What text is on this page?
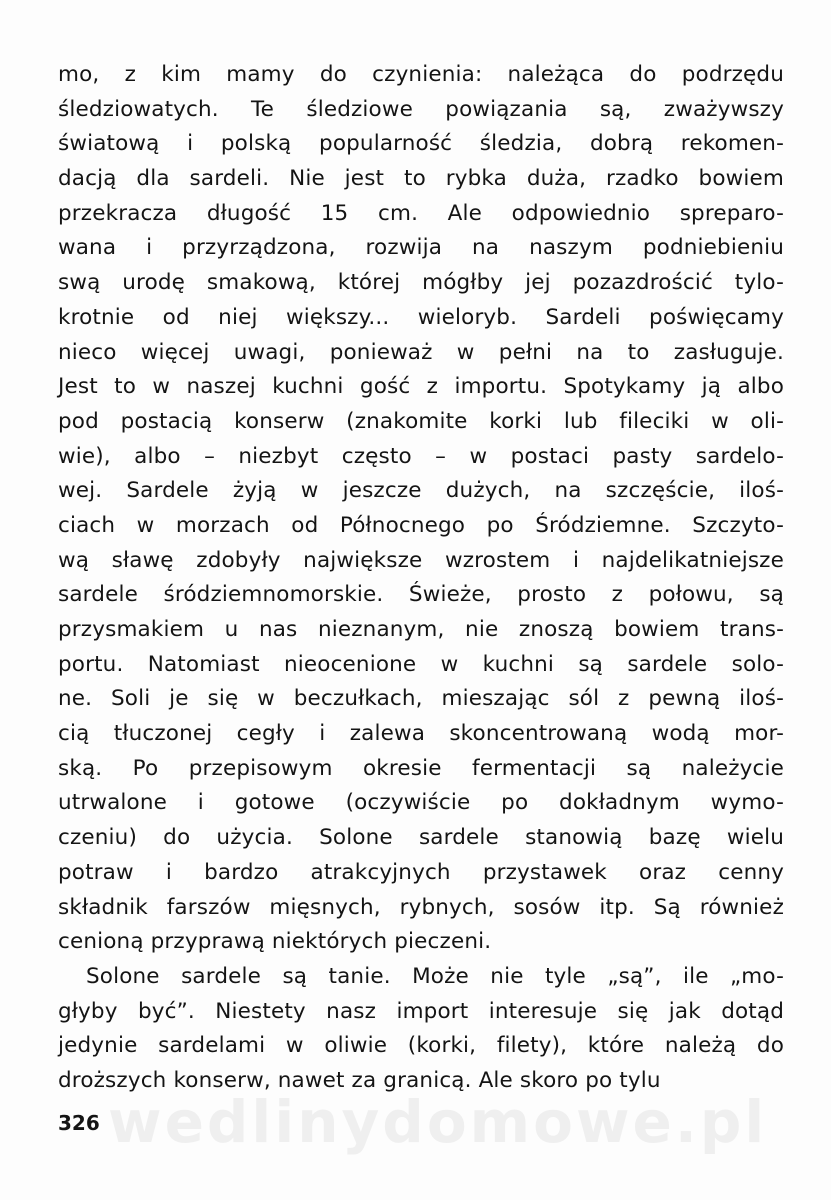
mo, z kim mamy do czynienia: należąca do podrzędu
śledziowatych. Te śledziowe powiązania są, zważywszy
światową i polską popularność śledzia, dobrą rekomen-
dacją dla sardeli. Nie jest to rybka duża, rzadko bowiem
przekracza długość 15 cm. Ale odpowiednio spreparo-
wana i przyrządzona, rozwija na naszym podniebieniu
swą urodę smakową, której mógłby jej pozazdrościć tylo-
krotnie od niej większy... wieloryb. Sardeli poświęcamy
nieco więcej uwagi, ponieważ w pełni na to zasługuje.
Jest to w naszej kuchni gość z importu. Spotykamy ją albo
pod postacią konserw (znakomite korki lub fileciki w oli-
wie), albo – niezbyt często – w postaci pasty sardelo-
wej. Sardele żyją w jeszcze dużych, na szczęście, iloś-
ciach w morzach od Północnego po Śródziemne. Szczyto-
wą sławę zdobyły największe wzrostem i najdelikatniejsze
sardele śródziemnomorskie. Świeże, prosto z połowu, są
przysmakiem u nas nieznanym, nie znoszą bowiem trans-
portu. Natomiast nieocenione w kuchni są sardele solo-
ne. Soli je się w beczułkach, mieszając sól z pewną iloś-
cią tłuczonej cegły i zalewa skoncentrowaną wodą mor-
ską. Po przepisowym okresie fermentacji są należycie
utrwalone i gotowe (oczywiście po dokładnym wymo-
czeniu) do użycia. Solone sardele stanowią bazę wielu
potraw i bardzo atrakcyjnych przystawek oraz cenny
składnik farszów mięsnych, rybnych, sosów itp. Są również
cenioną przyprawą niektórych pieczeni.
Solone sardele są tanie. Może nie tyle „są”, ile „mo-
głyby być”. Niestety nasz import interesuje się jak dotąd
jedynie sardelami w oliwie (korki, filety), które należą do
droższych konserw, nawet za granicą. Ale skoro po tylu
wedlinydomowe.pl
326
